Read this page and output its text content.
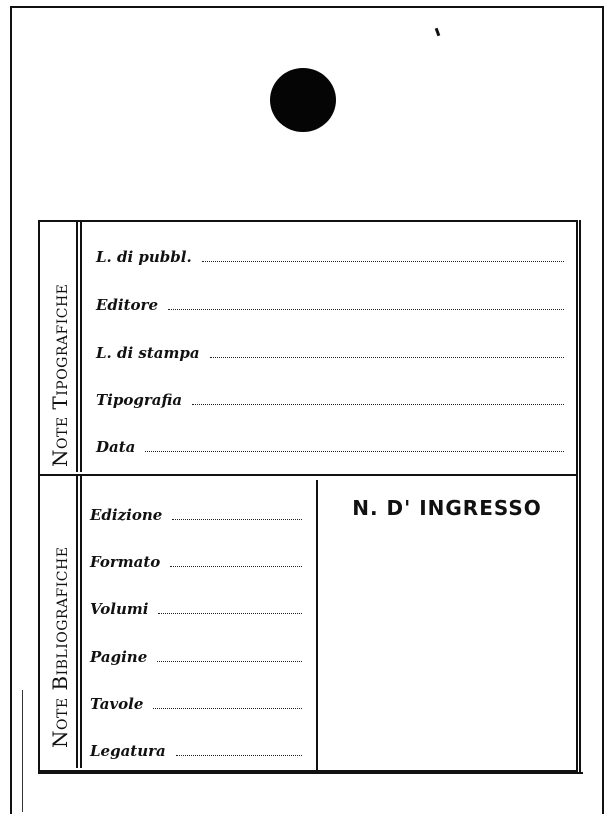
Note Tipografiche
L. di pubbl.
Editore
L. di stampa
Tipografia
Data
Note Bibliografiche
Edizione
Formato
Volumi
Pagine
Tavole
Legatura
N. D' INGRESSO
